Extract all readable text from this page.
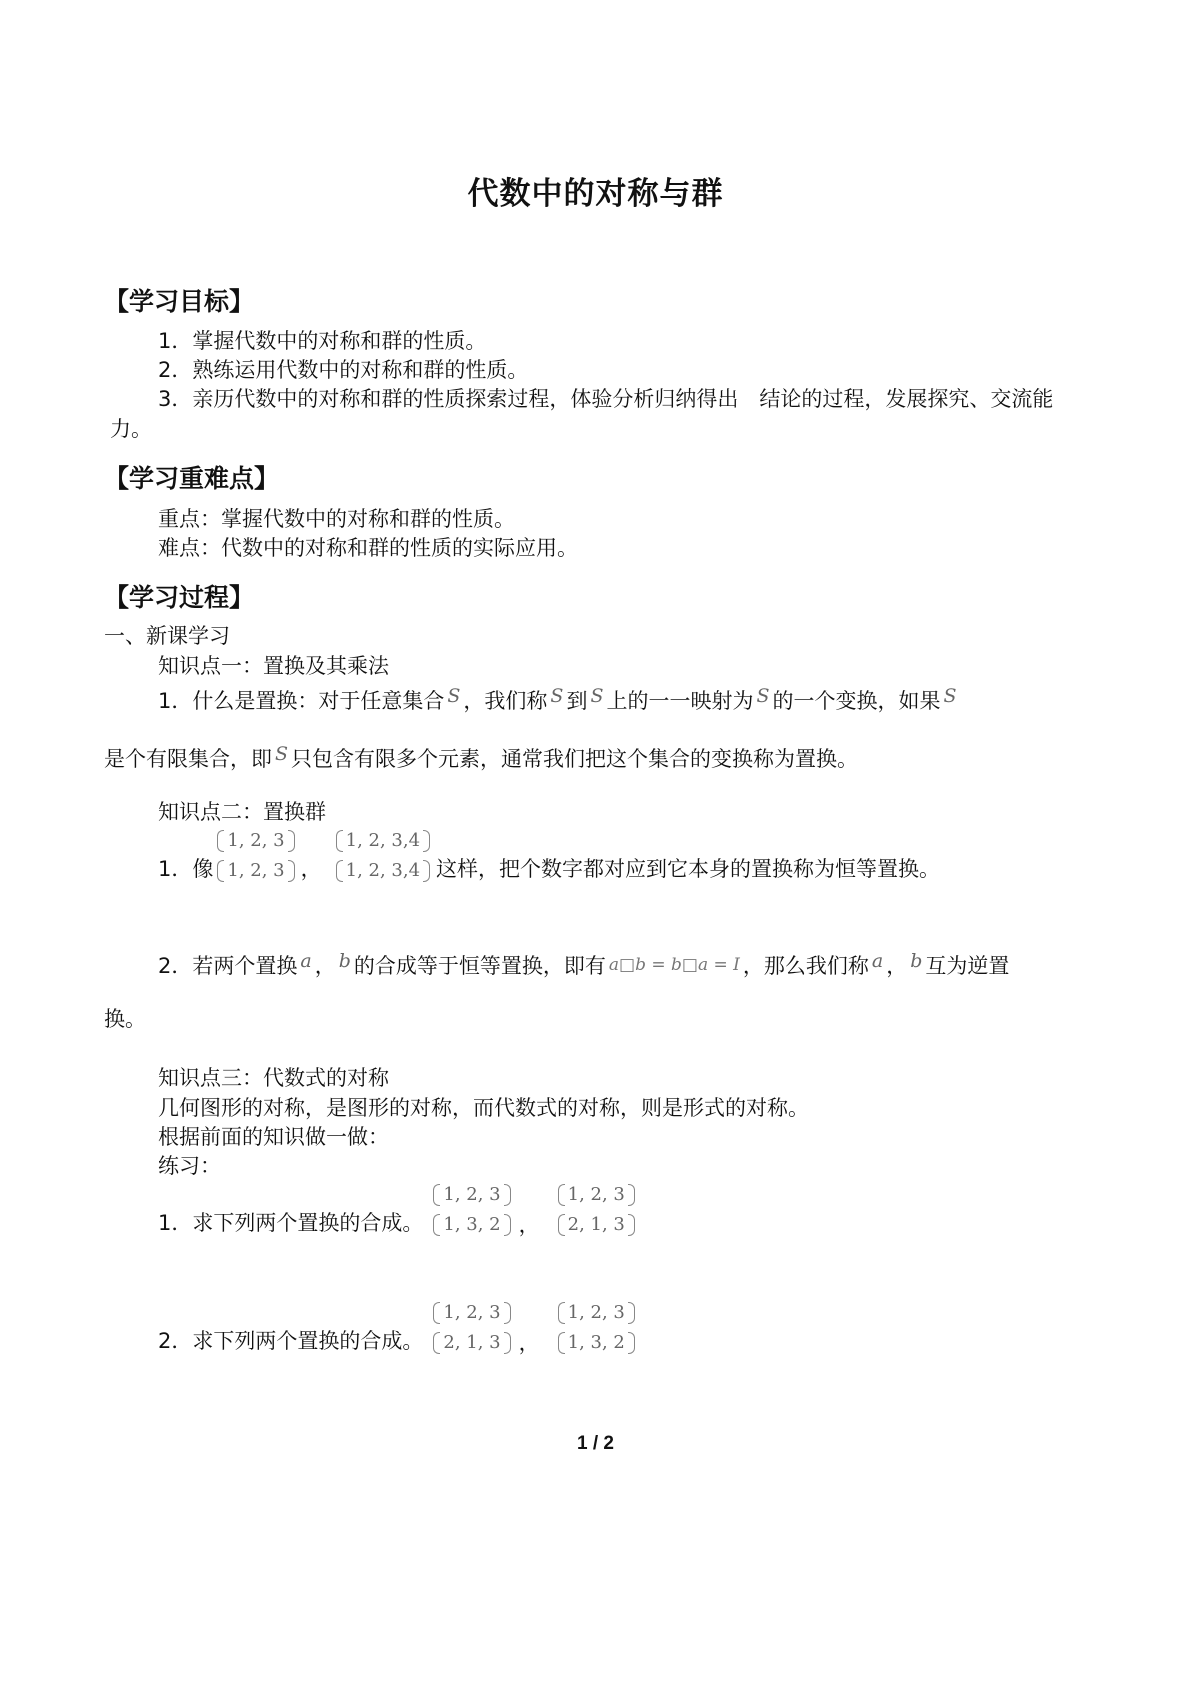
代数中的对称与群
【学习目标】
1．掌握代数中的对称和群的性质。
2．熟练运用代数中的对称和群的性质。
3．亲历代数中的对称和群的性质探索过程，体验分析归纳得出　结论的过程，发展探究、交流能力。
【学习重难点】
重点：掌握代数中的对称和群的性质。
难点：代数中的对称和群的性质的实际应用。
【学习过程】
一、新课学习
知识点一：置换及其乘法
1．什么是置换：对于任意集合 S ，我们称 S 到 S 上的一一映射为 S 的一个变换，如果 S
是个有限集合，即 S 只包含有限多个元素，通常我们把这个集合的变换称为置换。
知识点二：置换群
1．像
1, 2, 3
1, 2, 3 ，
1, 2, 3,4
1, 2, 3,4 这样，把个数字都对应到它本身的置换称为恒等置换。
2．若两个置换 a ， b 的合成等于恒等置换，即有 a□b = b□a = I ，那么我们称 a ， b 互为逆置
换。
知识点三：代数式的对称
几何图形的对称，是图形的对称，而代数式的对称，则是形式的对称。
根据前面的知识做一做：
练习：
1．求下列两个置换的合成。
1, 2, 3
1, 3, 2 ，
1, 2, 3
2, 1, 3
2．求下列两个置换的合成。
1, 2, 3
2, 1, 3 ，
1, 2, 3
1, 3, 2
1 / 2
